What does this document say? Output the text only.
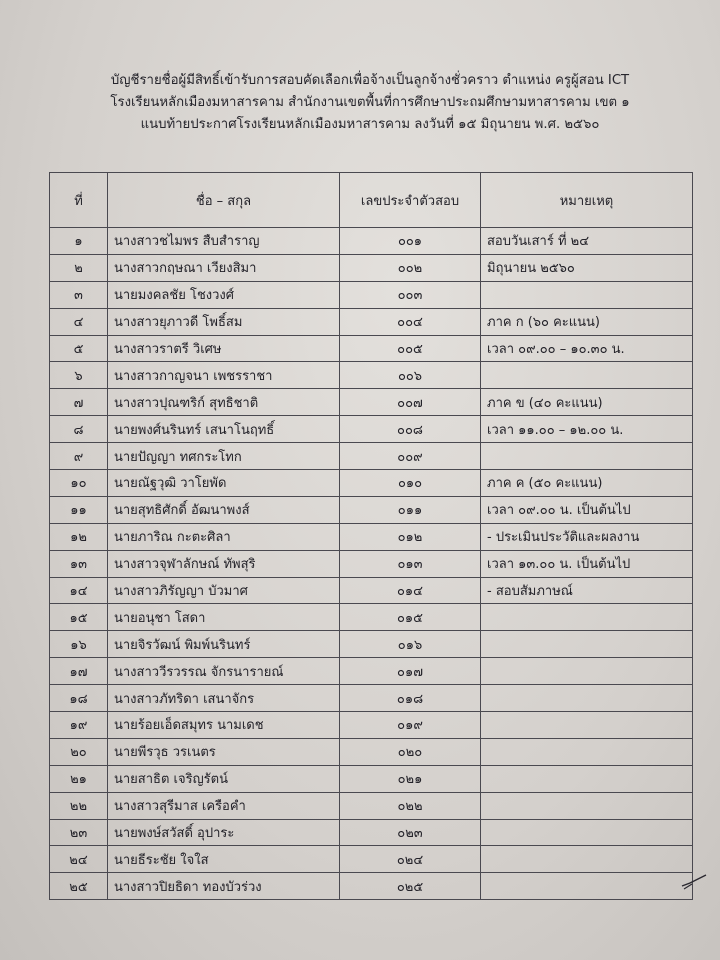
บัญชีรายชื่อผู้มีสิทธิ์เข้ารับการสอบคัดเลือกเพื่อจ้างเป็นลูกจ้างชั่วคราว ตำแหน่ง ครูผู้สอน ICT
โรงเรียนหลักเมืองมหาสารคาม สำนักงานเขตพื้นที่การศึกษาประถมศึกษามหาสารคาม เขต ๑
แนบท้ายประกาศโรงเรียนหลักเมืองมหาสารคาม ลงวันที่ ๑๕ มิถุนายน พ.ศ. ๒๕๖๐
ที่	ชื่อ – สกุล	เลขประจำตัวสอบ	หมายเหตุ
๑	นางสาวชไมพร สืบสำราญ	๐๐๑	สอบวันเสาร์ ที่ ๒๔
๒	นางสาวกฤษณา เวียงสิมา	๐๐๒	มิถุนายน ๒๕๖๐
๓	นายมงคลชัย โชงวงศ์	๐๐๓	
๔	นางสาวยุภาวดี โพธิ์สม	๐๐๔	ภาค ก (๖๐ คะแนน)
๕	นางสาวราตรี วิเศษ	๐๐๕	เวลา ๐๙.๐๐ – ๑๐.๓๐ น.
๖	นางสาวกาญจนา เพชรราชา	๐๐๖	
๗	นางสาวปุณฑริก์ สุทธิชาติ	๐๐๗	ภาค ข (๔๐ คะแนน)
๘	นายพงศ์นรินทร์ เสนาโนฤทธิ์	๐๐๘	เวลา ๑๑.๐๐ – ๑๒.๐๐ น.
๙	นายปัญญา ทศกระโทก	๐๐๙	
๑๐	นายณัฐวุฒิ วาโยพัด	๐๑๐	ภาค ค (๕๐ คะแนน)
๑๑	นายสุทธิศักดิ์ อัฒนาพงส์	๐๑๑	เวลา ๐๙.๐๐ น. เป็นต้นไป
๑๒	นายภาริณ กะตะศิลา	๐๑๒	- ประเมินประวัติและผลงาน
๑๓	นางสาวจุฬาลักษณ์ ทัพสุริ	๐๑๓	เวลา ๑๓.๐๐ น. เป็นต้นไป
๑๔	นางสาวภิรัญญา บัวมาศ	๐๑๔	- สอบสัมภาษณ์
๑๕	นายอนุชา โสดา	๐๑๕	
๑๖	นายจิรวัฒน์ พิมพ์นรินทร์	๐๑๖	
๑๗	นางสาววีรวรรณ จักรนารายณ์	๐๑๗	
๑๘	นางสาวภัทริดา เสนาจักร	๐๑๘	
๑๙	นายร้อยเอ็ดสมุทร นามเดช	๐๑๙	
๒๐	นายพีรวุธ วรเนตร	๐๒๐	
๒๑	นายสาธิต เจริญรัตน์	๐๒๑	
๒๒	นางสาวสุรีมาส เครือคำ	๐๒๒	
๒๓	นายพงษ์สวัสดิ์ อุปาระ	๐๒๓	
๒๔	นายธีระชัย ใจใส	๐๒๔	
๒๕	นางสาวปิยธิดา ทองบัวร่วง	๐๒๕	
